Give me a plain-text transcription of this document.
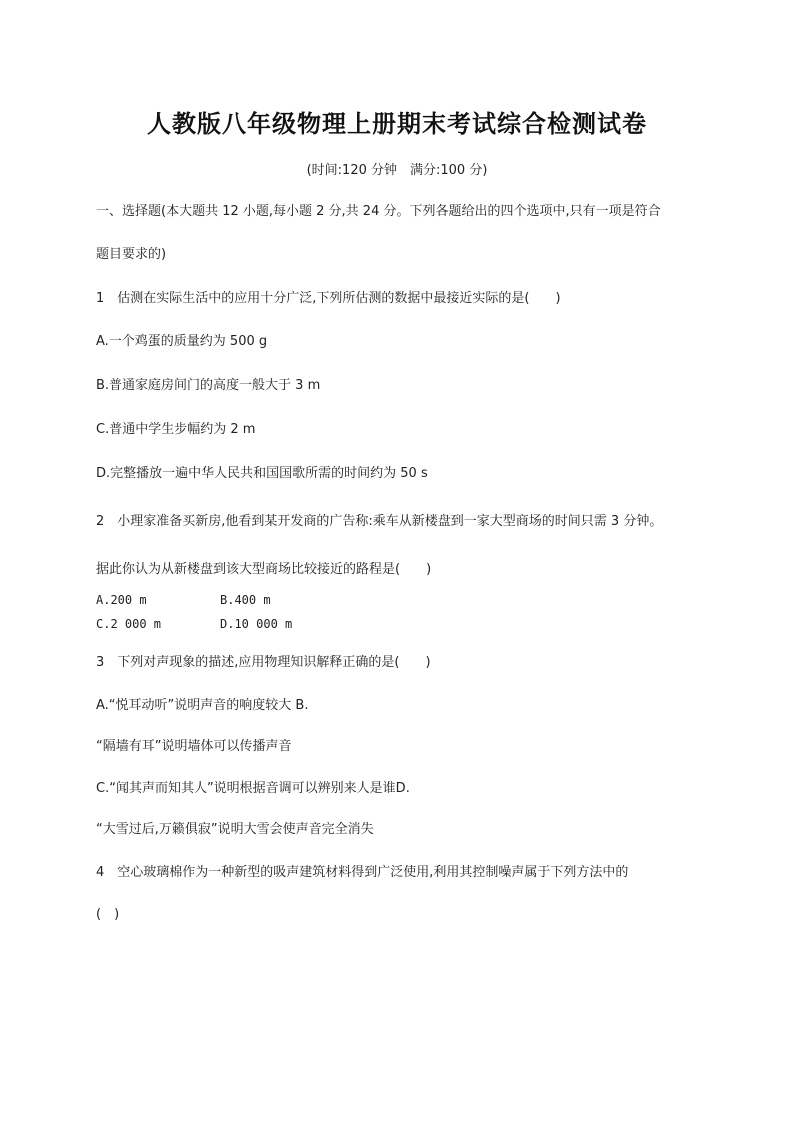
人教版八年级物理上册期末考试综合检测试卷
(时间:120 分钟　满分:100 分)
一、选择题(本大题共 12 小题,每小题 2 分,共 24 分。下列各题给出的四个选项中,只有一项是符合
题目要求的)
1　估测在实际生活中的应用十分广泛,下列所估测的数据中最接近实际的是(　　)
A.一个鸡蛋的质量约为 500 g
B.普通家庭房间门的高度一般大于 3 m
C.普通中学生步幅约为 2 m
D.完整播放一遍中华人民共和国国歌所需的时间约为 50 s
2　小理家准备买新房,他看到某开发商的广告称:乘车从新楼盘到一家大型商场的时间只需 3 分钟。
据此你认为从新楼盘到该大型商场比较接近的路程是(　　)
A.200 m	B.400 m
C.2 000 m	D.10 000 m
3　下列对声现象的描述,应用物理知识解释正确的是(　　)
A.“悦耳动听”说明声音的响度较大 B.
“隔墙有耳”说明墙体可以传播声音
C.“闻其声而知其人”说明根据音调可以辨别来人是谁D.
“大雪过后,万籁俱寂”说明大雪会使声音完全消失
4　空心玻璃棉作为一种新型的吸声建筑材料得到广泛使用,利用其控制噪声属于下列方法中的
(　)
